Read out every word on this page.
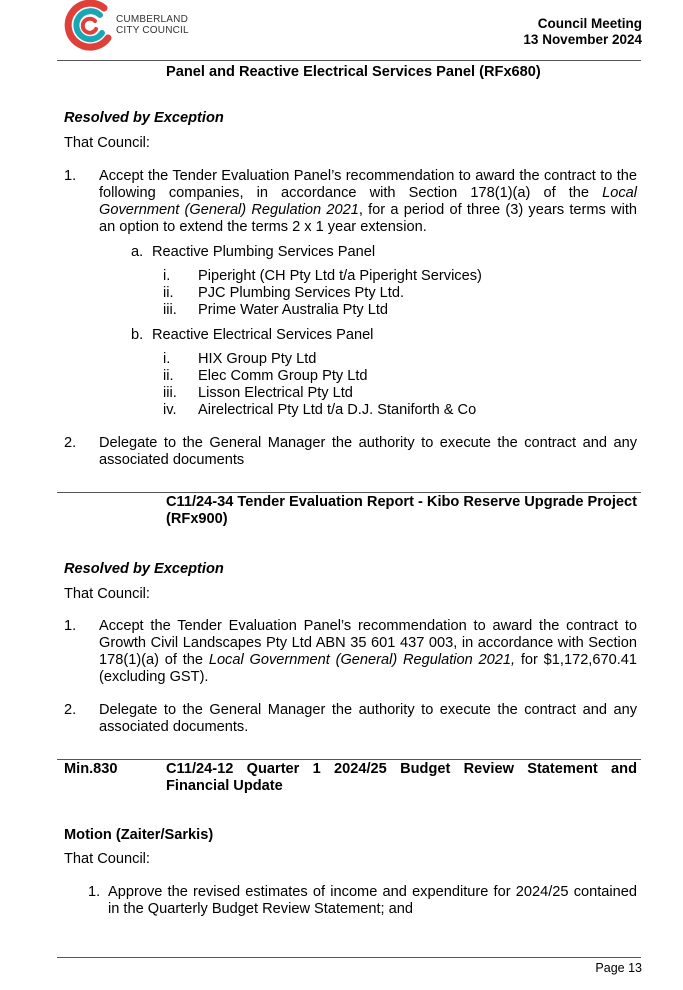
CUMBERLAND
CITY COUNCIL	Council Meeting
13 November 2024
Panel and Reactive Electrical Services Panel (RFx680)
Resolved by Exception
That Council:
1. Accept the Tender Evaluation Panel’s recommendation to award the contract to the following companies, in accordance with Section 178(1)(a) of the Local Government (General) Regulation 2021, for a period of three (3) years terms with an option to extend the terms 2 x 1 year extension.
a. Reactive Plumbing Services Panel
i. Piperight (CH Pty Ltd t/a Piperight Services)
ii. PJC Plumbing Services Pty Ltd.
iii. Prime Water Australia Pty Ltd
b. Reactive Electrical Services Panel
i. HIX Group Pty Ltd
ii. Elec Comm Group Pty Ltd
iii. Lisson Electrical Pty Ltd
iv. Airelectrical Pty Ltd t/a D.J. Staniforth & Co
2. Delegate to the General Manager the authority to execute the contract and any associated documents
C11/24-34 Tender Evaluation Report - Kibo Reserve Upgrade Project (RFx900)
Resolved by Exception
That Council:
1. Accept the Tender Evaluation Panel’s recommendation to award the contract to Growth Civil Landscapes Pty Ltd ABN 35 601 437 003, in accordance with Section 178(1)(a) of the Local Government (General) Regulation 2021, for $1,172,670.41 (excluding GST).
2. Delegate to the General Manager the authority to execute the contract and any associated documents.
Min.830	C11/24-12 Quarter 1 2024/25 Budget Review Statement and Financial Update
Motion (Zaiter/Sarkis)
That Council:
1. Approve the revised estimates of income and expenditure for 2024/25 contained in the Quarterly Budget Review Statement; and
Page 13
